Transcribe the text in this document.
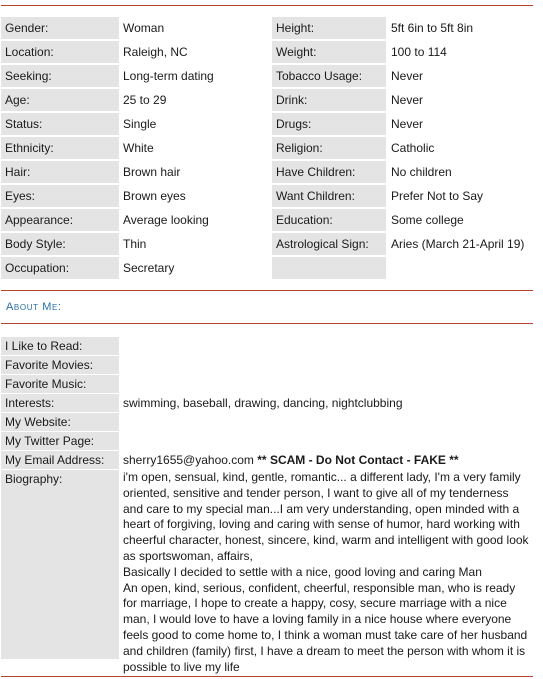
Gender:	Woman
Location:	Raleigh, NC
Seeking:	Long-term dating
Age:	25 to 29
Status:	Single
Ethnicity:	White
Hair:	Brown hair
Eyes:	Brown eyes
Appearance:	Average looking
Body Style:	Thin
Occupation:	Secretary
Height:	5ft 6in to 5ft 8in
Weight:	100 to 114
Tobacco Usage:	Never
Drink:	Never
Drugs:	Never
Religion:	Catholic
Have Children:	No children
Want Children:	Prefer Not to Say
Education:	Some college
Astrological Sign:	Aries (March 21-April 19)
About Me:
I Like to Read:
Favorite Movies:
Favorite Music:
Interests:	swimming, baseball, drawing, dancing, nightclubbing
My Website:
My Twitter Page:
My Email Address:	sherry1655@yahoo.com ** SCAM - Do Not Contact - FAKE **
Biography:	i'm open, sensual, kind, gentle, romantic... a different lady, I'm a very family oriented, sensitive and tender person, I want to give all of my tenderness and care to my special man...I am very understanding, open minded with a heart of forgiving, loving and caring with sense of humor, hard working with cheerful character, honest, sincere, kind, warm and intelligent with good look as sportswoman, affairs,
Basically I decided to settle with a nice, good loving and caring Man
An open, kind, serious, confident, cheerful, responsible man, who is ready for marriage, I hope to create a happy, cosy, secure marriage with a nice man, I would love to have a loving family in a nice house where everyone feels good to come home to, I think a woman must take care of her husband and children (family) first, I have a dream to meet the person with whom it is possible to live my life
